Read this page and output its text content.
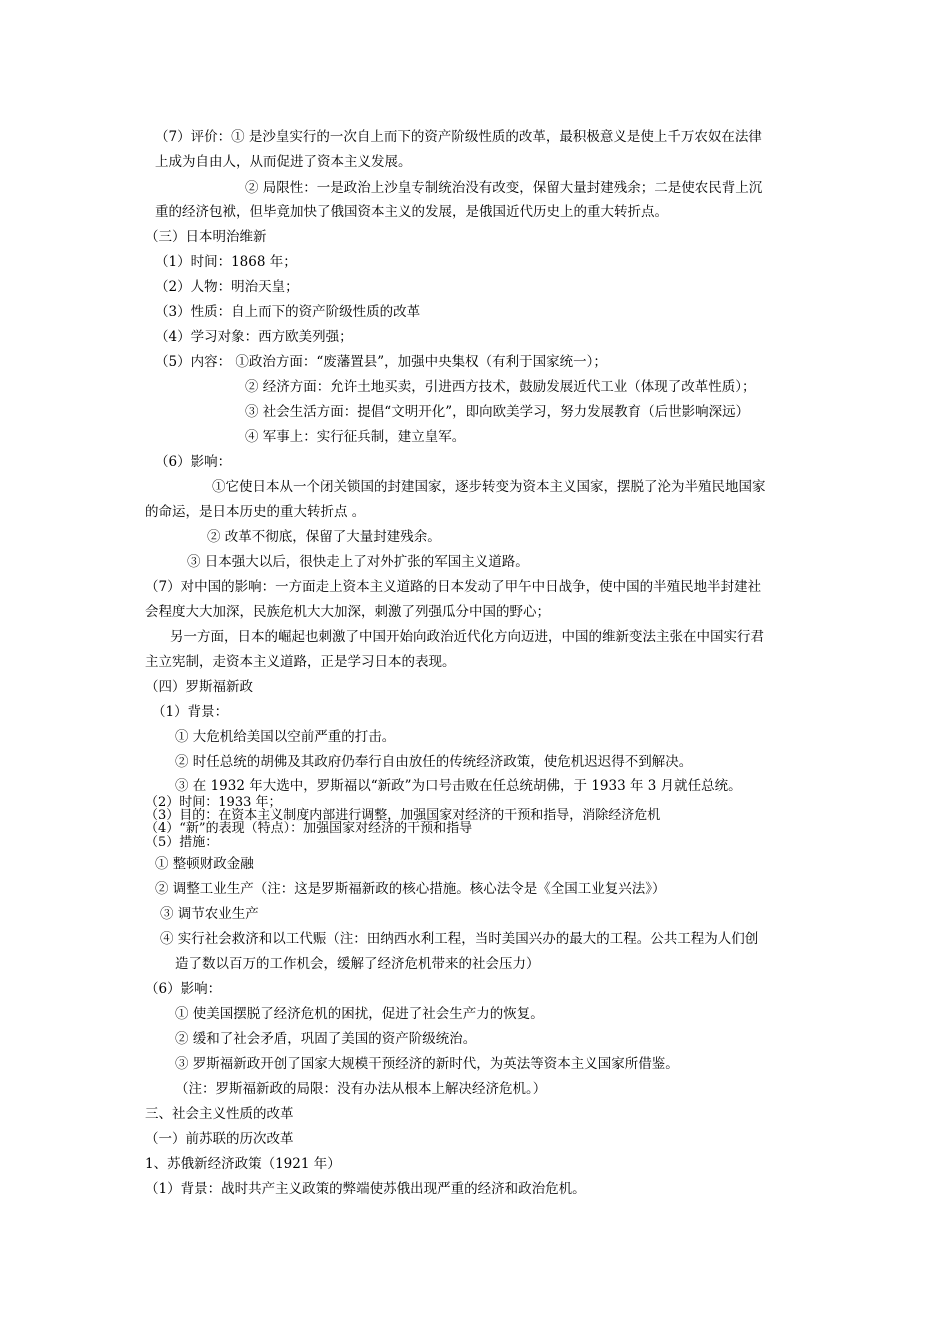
（7）评价：① 是沙皇实行的一次自上而下的资产阶级性质的改革，最积极意义是使上千万农奴在法律
上成为自由人，从而促进了资本主义发展。
② 局限性：一是政治上沙皇专制统治没有改变，保留大量封建残余；二是使农民背上沉
重的经济包袱，但毕竟加快了俄国资本主义的发展，是俄国近代历史上的重大转折点。
（三）日本明治维新
（1）时间：1868 年；
（2）人物：明治天皇；
（3）性质：自上而下的资产阶级性质的改革
（4）学习对象：西方欧美列强；
（5）内容： ①政治方面：“废藩置县”，加强中央集权（有利于国家统一）；
② 经济方面：允许土地买卖，引进西方技术，鼓励发展近代工业（体现了改革性质）；
③ 社会生活方面：提倡“文明开化”，即向欧美学习，努力发展教育（后世影响深远）
④ 军事上：实行征兵制，建立皇军。
（6）影响：
①它使日本从一个闭关锁国的封建国家，逐步转变为资本主义国家，摆脱了沦为半殖民地国家
的命运，是日本历史的重大转折点 。
② 改革不彻底，保留了大量封建残余。
③ 日本强大以后，很快走上了对外扩张的军国主义道路。
（7）对中国的影响：一方面走上资本主义道路的日本发动了甲午中日战争，使中国的半殖民地半封建社
会程度大大加深，民族危机大大加深，刺激了列强瓜分中国的野心；
另一方面，日本的崛起也刺激了中国开始向政治近代化方向迈进，中国的维新变法主张在中国实行君
主立宪制，走资本主义道路，正是学习日本的表现。
（四）罗斯福新政
（1）背景：
① 大危机给美国以空前严重的打击。
② 时任总统的胡佛及其政府仍奉行自由放任的传统经济政策，使危机迟迟得不到解决。
③ 在 1932 年大选中，罗斯福以“新政”为口号击败在任总统胡佛，于 1933 年 3 月就任总统。
（2）时间：1933 年；
（3）目的：在资本主义制度内部进行调整，加强国家对经济的干预和指导，消除经济危机
（4）“新”的表现（特点）：加强国家对经济的干预和指导
（5）措施：
① 整顿财政金融
② 调整工业生产（注：这是罗斯福新政的核心措施。核心法令是《全国工业复兴法》）
③ 调节农业生产
④ 实行社会救济和以工代赈（注：田纳西水利工程，当时美国兴办的最大的工程。公共工程为人们创
造了数以百万的工作机会，缓解了经济危机带来的社会压力）
（6）影响：
① 使美国摆脱了经济危机的困扰，促进了社会生产力的恢复。
② 缓和了社会矛盾，巩固了美国的资产阶级统治。
③ 罗斯福新政开创了国家大规模干预经济的新时代，为英法等资本主义国家所借鉴。
（注：罗斯福新政的局限：没有办法从根本上解决经济危机。）
三、社会主义性质的改革
（一）前苏联的历次改革
1、苏俄新经济政策（1921 年）
（1）背景：战时共产主义政策的弊端使苏俄出现严重的经济和政治危机。
